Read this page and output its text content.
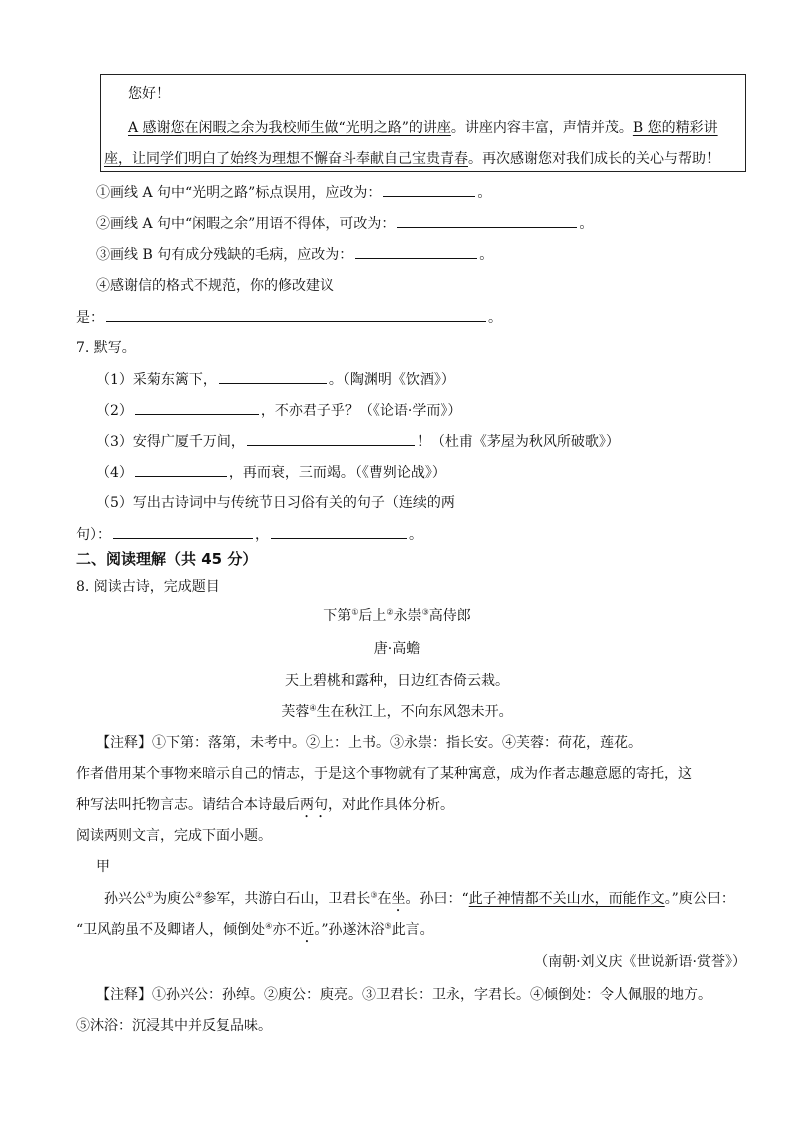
您好！
A 感谢您在闲暇之余为我校师生做“光明之路”的讲座。讲座内容丰富，声情并茂。B 您的精彩讲
座，让同学们明白了始终为理想不懈奋斗奉献自己宝贵青春。再次感谢您对我们成长的关心与帮助！
①画线 A 句中“光明之路”标点误用，应改为：	。
②画线 A 句中“闲暇之余”用语不得体，可改为：	。
③画线 B 句有成分残缺的毛病，应改为：	。
④感谢信的格式不规范，你的修改建议
是：	。
7. 默写。
（1）采菊东篱下，	。（陶渊明《饮酒》）
（2）	，不亦君子乎？（《论语·学而》）
（3）安得广厦千万间，	！（杜甫《茅屋为秋风所破歌》）
（4）	，再而衰，三而竭。（《曹刿论战》）
（5）写出古诗词中与传统节日习俗有关的句子（连续的两
句）：	，	。
二、阅读理解（共 45 分）
8. 阅读古诗，完成题目
下第①后上②永崇③高侍郎
唐·高蟾
天上碧桃和露种，日边红杏倚云栽。
芙蓉④生在秋江上，不向东风怨未开。
【注释】①下第：落第，未考中。②上：上书。③永崇：指长安。④芙蓉：荷花，莲花。
作者借用某个事物来暗示自己的情志，于是这个事物就有了某种寓意，成为作者志趣意愿的寄托，这
种写法叫托物言志。请结合本诗最后两句，对此作具体分析。
阅读两则文言，完成下面小题。
甲
孙兴公①为庾公②参军，共游白石山，卫君长③在坐。孙曰：“此子神情都不关山水，而能作文。”庾公曰：
“卫风韵虽不及卿诸人，倾倒处④亦不近。”孙遂沐浴⑤此言。
（南朝·刘义庆《世说新语·赏誉》）
【注释】①孙兴公：孙绰。②庾公：庾亮。③卫君长：卫永，字君长。④倾倒处：令人佩服的地方。
⑤沐浴：沉浸其中并反复品味。
